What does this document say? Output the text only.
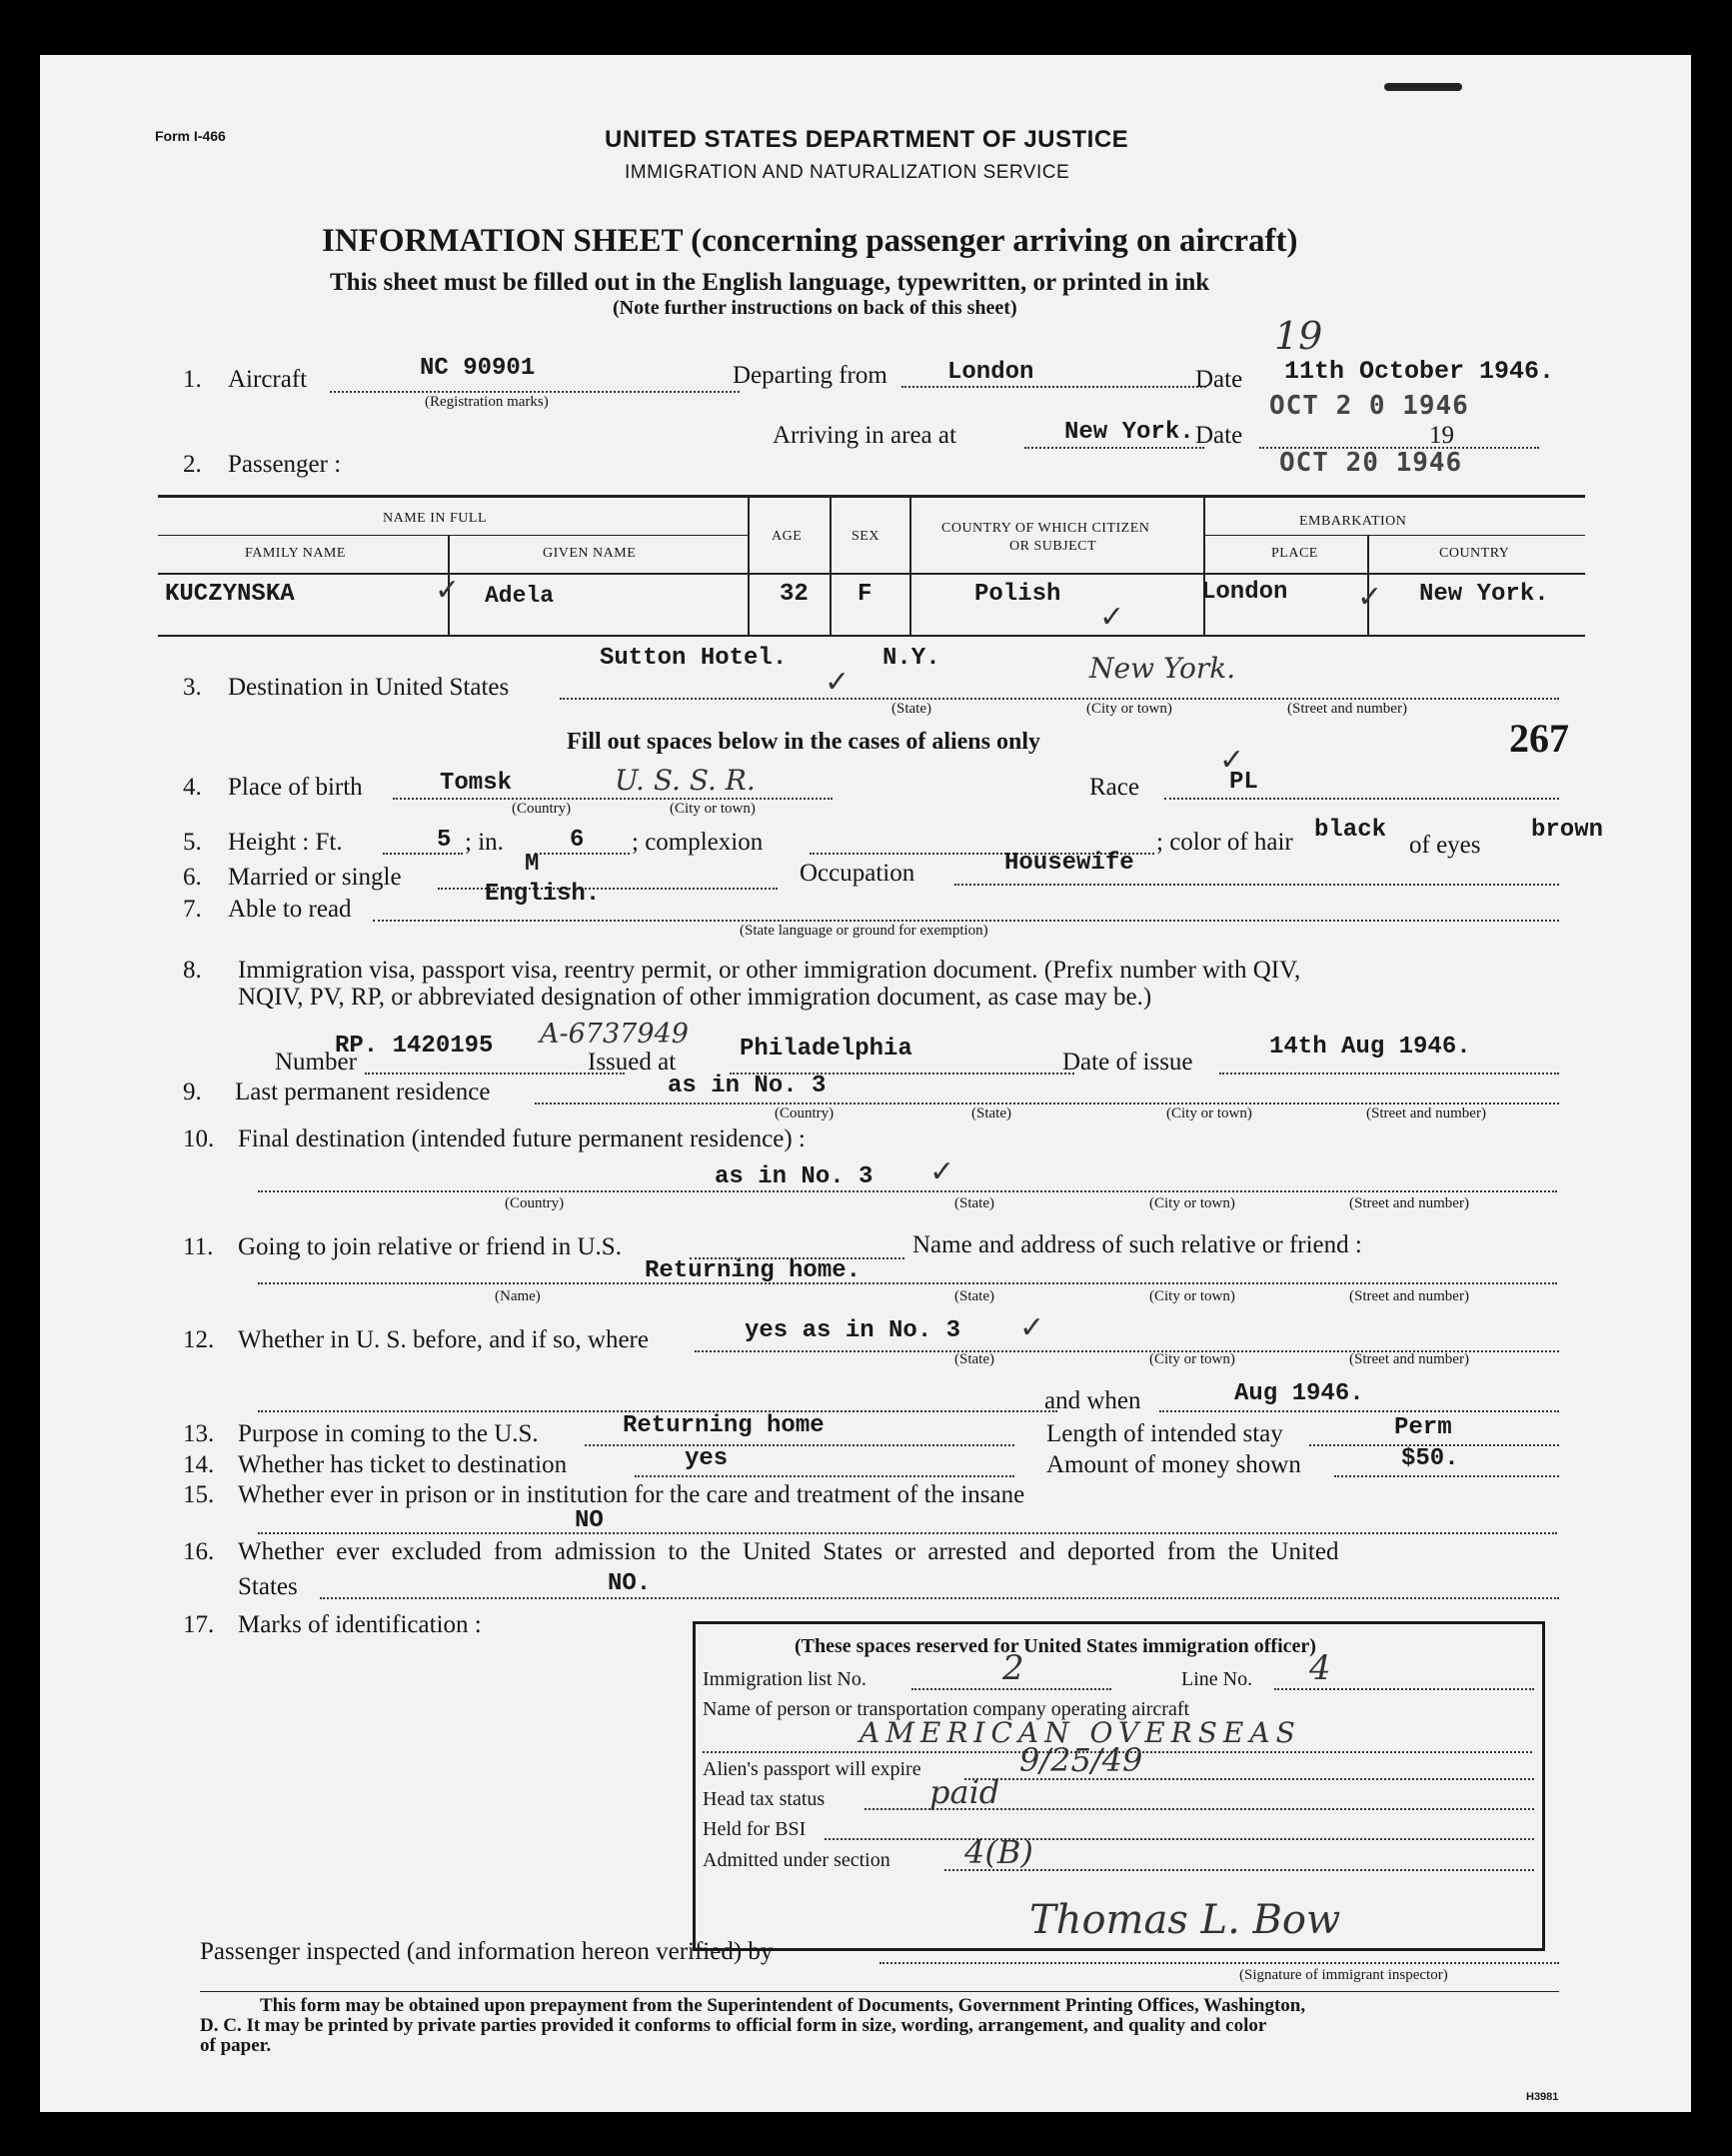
Form I-466	UNITED STATES DEPARTMENT OF JUSTICE
IMMIGRATION AND NATURALIZATION SERVICE
INFORMATION SHEET (concerning passenger arriving on aircraft)
This sheet must be filled out in the English language, typewritten, or printed in ink
(Note further instructions on back of this sheet)
1. Aircraft	NC 90901
(Registration marks)
Departing from	London	Date 11th October 1946.
19
Arriving in area at	New York. Date	19
OCT 2 0 1946
OCT 20 1946
2. Passenger :
NAME IN FULL
FAMILY NAME	GIVEN NAME
AGE	SEX
COUNTRY OF WHICH CITIZEN
OR SUBJECT
EMBARKATION
PLACE	COUNTRY
KUCZYNSKA	Adela	32 F	Polish	London	New York.
✓
✓
✓
3. Destination in United States
Sutton Hotel.	N.Y.	New York.
✓
(State)	(City or town)	(Street and number)
Fill out spaces below in the cases of aliens only	267
4. Place of birth	Tomsk	U. S. S. R.
(Country)	(City or town)
Race	PL
✓
5. Height : Ft.	5 ; in.	6 ; complexion	; color of hair black
of eyes
brown
6. Married or single	M	Occupation	Housewife
7. Able to read
English.
(State language or ground for exemption)
8. Immigration visa, passport visa, reentry permit, or other immigration document. (Prefix number with QIV,
NQIV, PV, RP, or abbreviated designation of other immigration document, as case may be.)
Number
RP. 1420195 A-6737949
Issued at	Philadelphia	Date of issue
14th Aug 1946.
9. Last permanent residence	as in No. 3
(Country)	(State)	(City or town)	(Street and number)
10. Final destination (intended future permanent residence) :
as in No. 3 ✓
(Country)	(State)	(City or town)	(Street and number)
11. Going to join relative or friend in U.S.	Name and address of such relative or friend :
Returning home.
(Name)	(State)	(City or town)	(Street and number)
12. Whether in U. S. before, and if so, where	yes as in No. 3 ✓
(State)	(City or town)	(Street and number)
and when	Aug 1946.
13. Purpose in coming to the U.S.	Returning home	Length of intended stay	Perm
14. Whether has ticket to destination	yes	Amount of money shown	$50.
15. Whether ever in prison or in institution for the care and treatment of the insane
NO
16. Whether ever excluded from admission to the United States or arrested and deported from the United
States	NO.
17. Marks of identification :
(These spaces reserved for United States immigration officer)
Immigration list No.	2	Line No. 4
Name of person or transportation company operating aircraft
AMERICAN OVERSEAS
Alien's passport will expire	9/25/49
Head tax status	paid
Held for BSI
Admitted under section 4(B)
Passenger inspected (and information hereon verified) by
Thomas L. Bow
(Signature of immigrant inspector)
This form may be obtained upon prepayment from the Superintendent of Documents, Government Printing Offices, Washington,
D. C. It may be printed by private parties provided it conforms to official form in size, wording, arrangement, and quality and color
of paper.
H3981
